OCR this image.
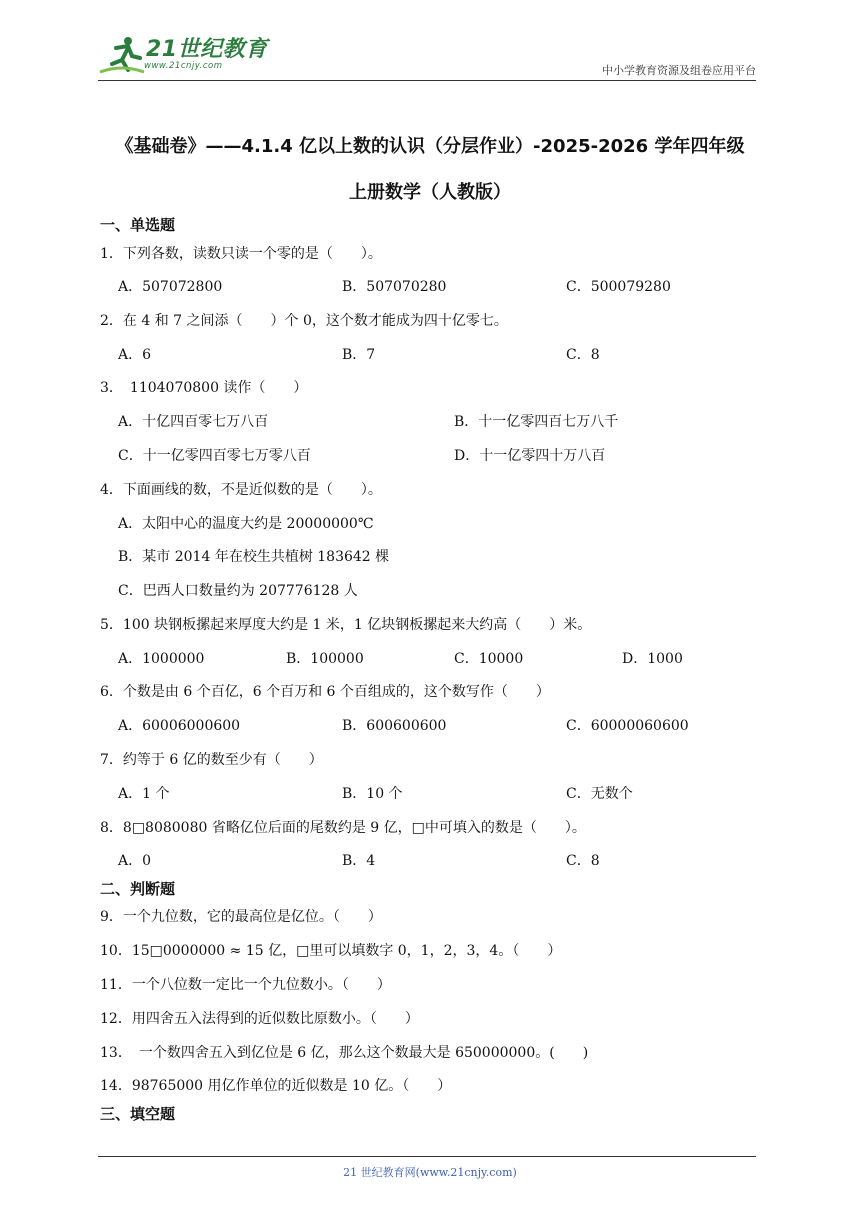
21世纪教育
www.21cnjy.com	中小学教育资源及组卷应用平台
《基础卷》——4.1.4 亿以上数的认识（分层作业）-2025-2026 学年四年级
上册数学（人教版）
一、单选题
1．下列各数，读数只读一个零的是（　　）。
A．507072800	B．507070280	C．500079280
2．在 4 和 7 之间添（　　）个 0，这个数才能成为四十亿零七。
A．6	B．7	C．8
3．　1104070800 读作（　　）
A．十亿四百零七万八百	B．十一亿零四百七万八千
C．十一亿零四百零七万零八百	D．十一亿零四十万八百
4．下面画线的数，不是近似数的是（　　）。
A．太阳中心的温度大约是 20000000℃
B．某市 2014 年在校生共植树 183642 棵
C．巴西人口数量约为 207776128 人
5．100 块钢板摞起来厚度大约是 1 米，1 亿块钢板摞起来大约高（　　）米。
A．1000000	B．100000	C．10000	D．1000
6．个数是由 6 个百亿，6 个百万和 6 个百组成的，这个数写作（　　）
A．60006000600	B．600600600	C．60000060600
7．约等于 6 亿的数至少有（　　）
A．1 个	B．10 个	C．无数个
8．8□8080080 省略亿位后面的尾数约是 9 亿，□中可填入的数是（　　）。
A．0	B．4	C．8
二、判断题
9．一个九位数，它的最高位是亿位。（　　）
10．15□0000000 ≈ 15 亿，□里可以填数字 0，1，2，3，4。（　　）
11．一个八位数一定比一个九位数小。（　　）
12．用四舍五入法得到的近似数比原数小。（　　）
13．　一个数四舍五入到亿位是 6 亿，那么这个数最大是 650000000。(　　)
14．98765000 用亿作单位的近似数是 10 亿。（　　）
三、填空题
21 世纪教育网(www.21cnjy.com)
